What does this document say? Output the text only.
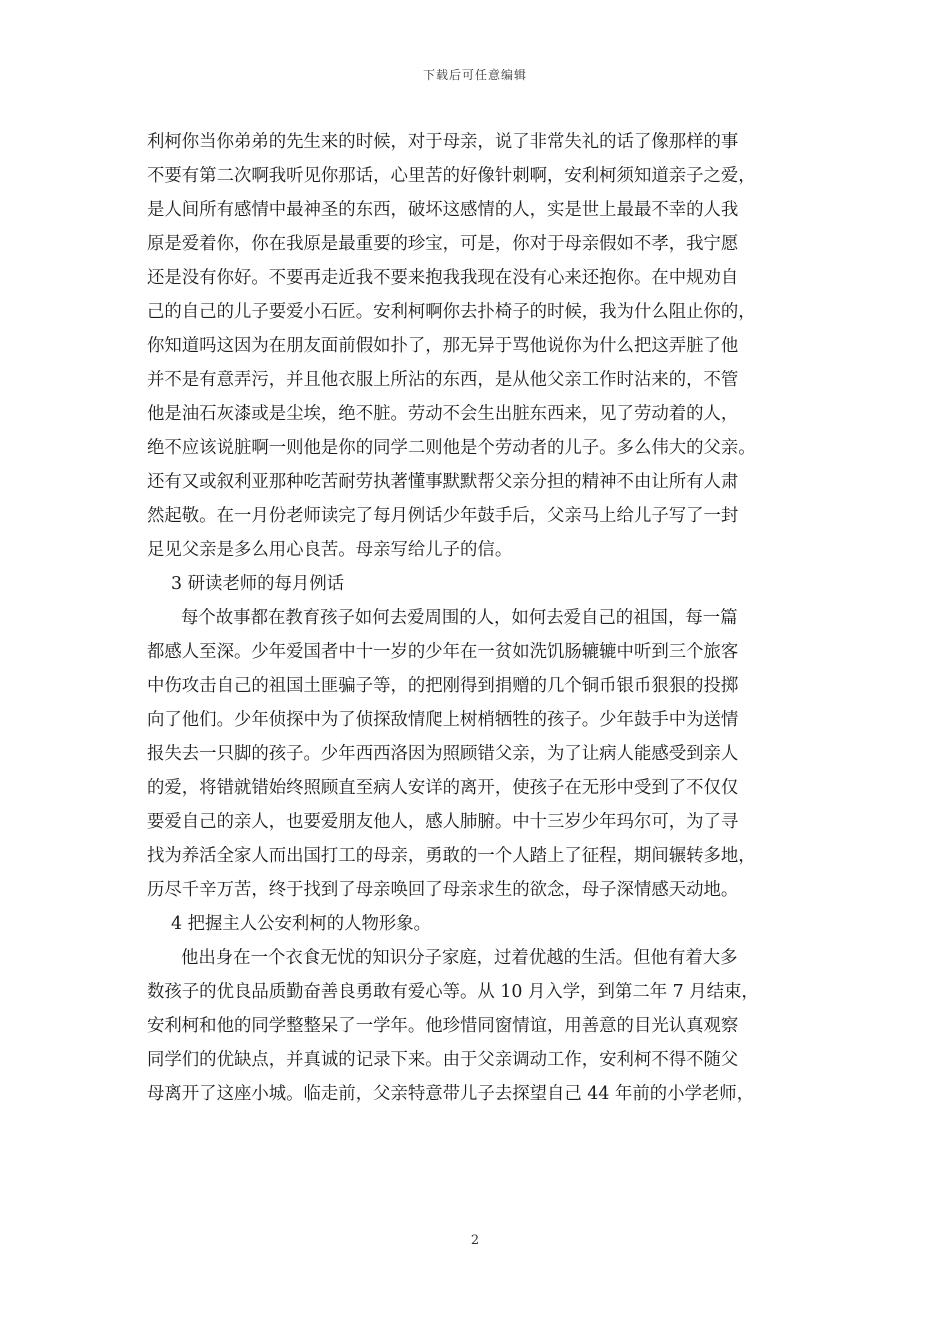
下载后可任意编辑
利柯你当你弟弟的先生来的时候，对于母亲，说了非常失礼的话了像那样的事
不要有第二次啊我听见你那话，心里苦的好像针刺啊，安利柯须知道亲子之爱，
是人间所有感情中最神圣的东西，破坏这感情的人，实是世上最最不幸的人我
原是爱着你，你在我原是最重要的珍宝，可是，你对于母亲假如不孝，我宁愿
还是没有你好。不要再走近我不要来抱我我现在没有心来还抱你。在中规劝自
己的自己的儿子要爱小石匠。安利柯啊你去扑椅子的时候，我为什么阻止你的，
你知道吗这因为在朋友面前假如扑了，那无异于骂他说你为什么把这弄脏了他
并不是有意弄污，并且他衣服上所沾的东西，是从他父亲工作时沾来的，不管
他是油石灰漆或是尘埃，绝不脏。劳动不会生出脏东西来，见了劳动着的人，
绝不应该说脏啊一则他是你的同学二则他是个劳动者的儿子。多么伟大的父亲。
还有又或叙利亚那种吃苦耐劳执著懂事默默帮父亲分担的精神不由让所有人肃
然起敬。在一月份老师读完了每月例话少年鼓手后，父亲马上给儿子写了一封
足见父亲是多么用心良苦。母亲写给儿子的信。
3 研读老师的每月例话
每个故事都在教育孩子如何去爱周围的人，如何去爱自己的祖国，每一篇
都感人至深。少年爱国者中十一岁的少年在一贫如洗饥肠辘辘中听到三个旅客
中伤攻击自己的祖国土匪骗子等，的把刚得到捐赠的几个铜币银币狠狠的投掷
向了他们。少年侦探中为了侦探敌情爬上树梢牺牲的孩子。少年鼓手中为送情
报失去一只脚的孩子。少年西西洛因为照顾错父亲，为了让病人能感受到亲人
的爱，将错就错始终照顾直至病人安详的离开，使孩子在无形中受到了不仅仅
要爱自己的亲人，也要爱朋友他人，感人肺腑。中十三岁少年玛尔可，为了寻
找为养活全家人而出国打工的母亲，勇敢的一个人踏上了征程，期间辗转多地，
历尽千辛万苦，终于找到了母亲唤回了母亲求生的欲念，母子深情感天动地。
4 把握主人公安利柯的人物形象。
他出身在一个衣食无忧的知识分子家庭，过着优越的生活。但他有着大多
数孩子的优良品质勤奋善良勇敢有爱心等。从 10 月入学，到第二年 7 月结束，
安利柯和他的同学整整呆了一学年。他珍惜同窗情谊，用善意的目光认真观察
同学们的优缺点，并真诚的记录下来。由于父亲调动工作，安利柯不得不随父
母离开了这座小城。临走前，父亲特意带儿子去探望自己 44 年前的小学老师，
2
